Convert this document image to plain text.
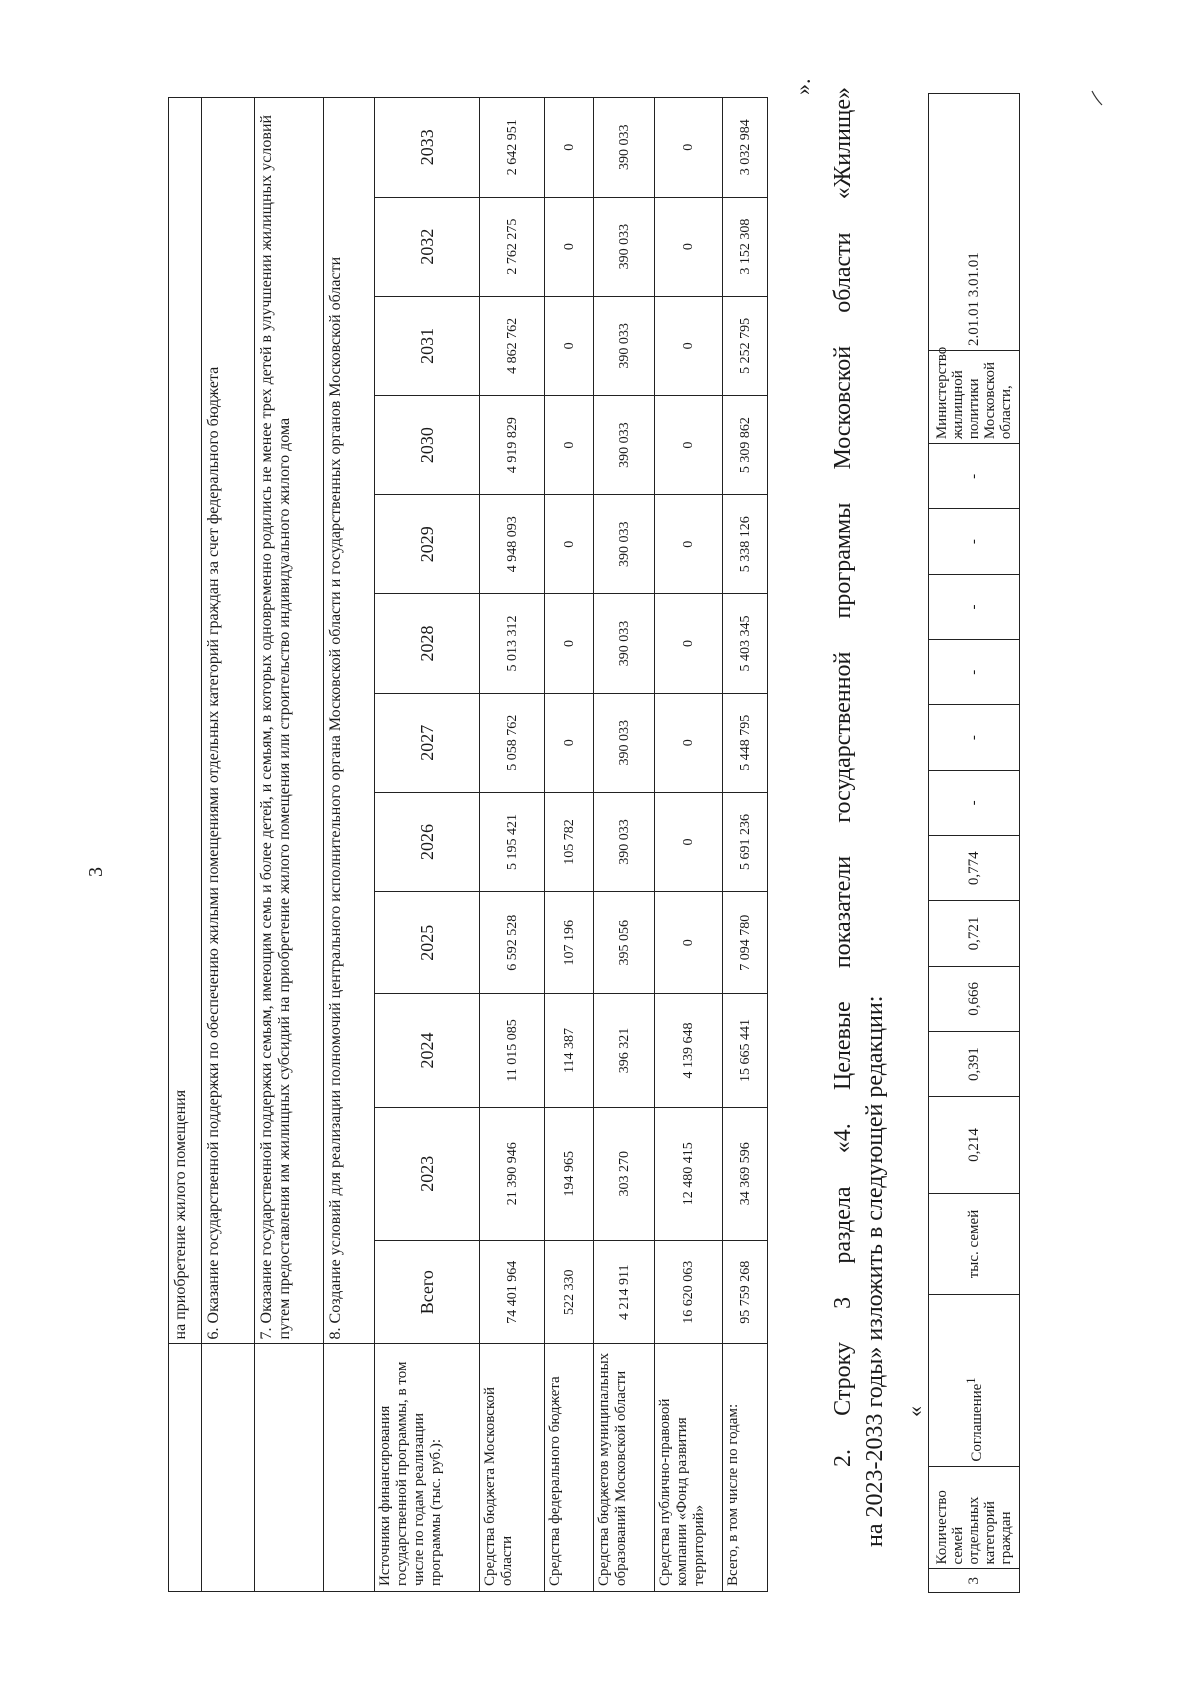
3
	на приобретение жилого помещения											
	6. Оказание государственной поддержки по обеспечению жилыми помещениями отдельных категорий граждан за счет федерального бюджета											
	7. Оказание государственной поддержки семьям, имеющим семь и более детей, и семьям, в которых одновременно родились не менее трех детей в улучшении жилищных условий путем предоставления им жилищных субсидий на приобретение жилого помещения или строительство индивидуального жилого дома											
	8. Создание условий для реализации полномочий центрального исполнительного органа Московской области и государственных органов Московской области											
Источники финансирования государственной программы, в том числе по годам реализации программы (тыс. руб.):	Всего	2023	2024	2025	2026	2027	2028	2029	2030	2031	2032	2033
Средства бюджета Московской области	74 401 964	21 390 946	11 015 085	6 592 528	5 195 421	5 058 762	5 013 312	4 948 093	4 919 829	4 862 762	2 762 275	2 642 951
Средства федерального бюджета	522 330	194 965	114 387	107 196	105 782	0	0	0	0	0	0	0
Средства бюджетов муниципальных образований Московской области	4 214 911	303 270	396 321	395 056	390 033	390 033	390 033	390 033	390 033	390 033	390 033	390 033
Средства публично-правовой компании «Фонд развития территорий»	16 620 063	12 480 415	4 139 648	0	0	0	0	0	0	0	0	0
Всего, в том числе по годам:	95 759 268	34 369 596	15 665 441	7 094 780	5 691 236	5 448 795	5 403 345	5 338 126	5 309 862	5 252 795	3 152 308	3 032 984
».
2. Строку 3 раздела «4. Целевые показатели государственной программы Московской области «Жилище» на 2023-2033 годы» изложить в следующей редакции: «
3	Количество семей отдельных категорий граждан	Соглашение$^1$	тыс. семей	0,214	0,391	0,666	0,721	0,774	-	-	-	-	-	-	Министерство жилищной политики Московской области,	2.01.01 3.01.01
